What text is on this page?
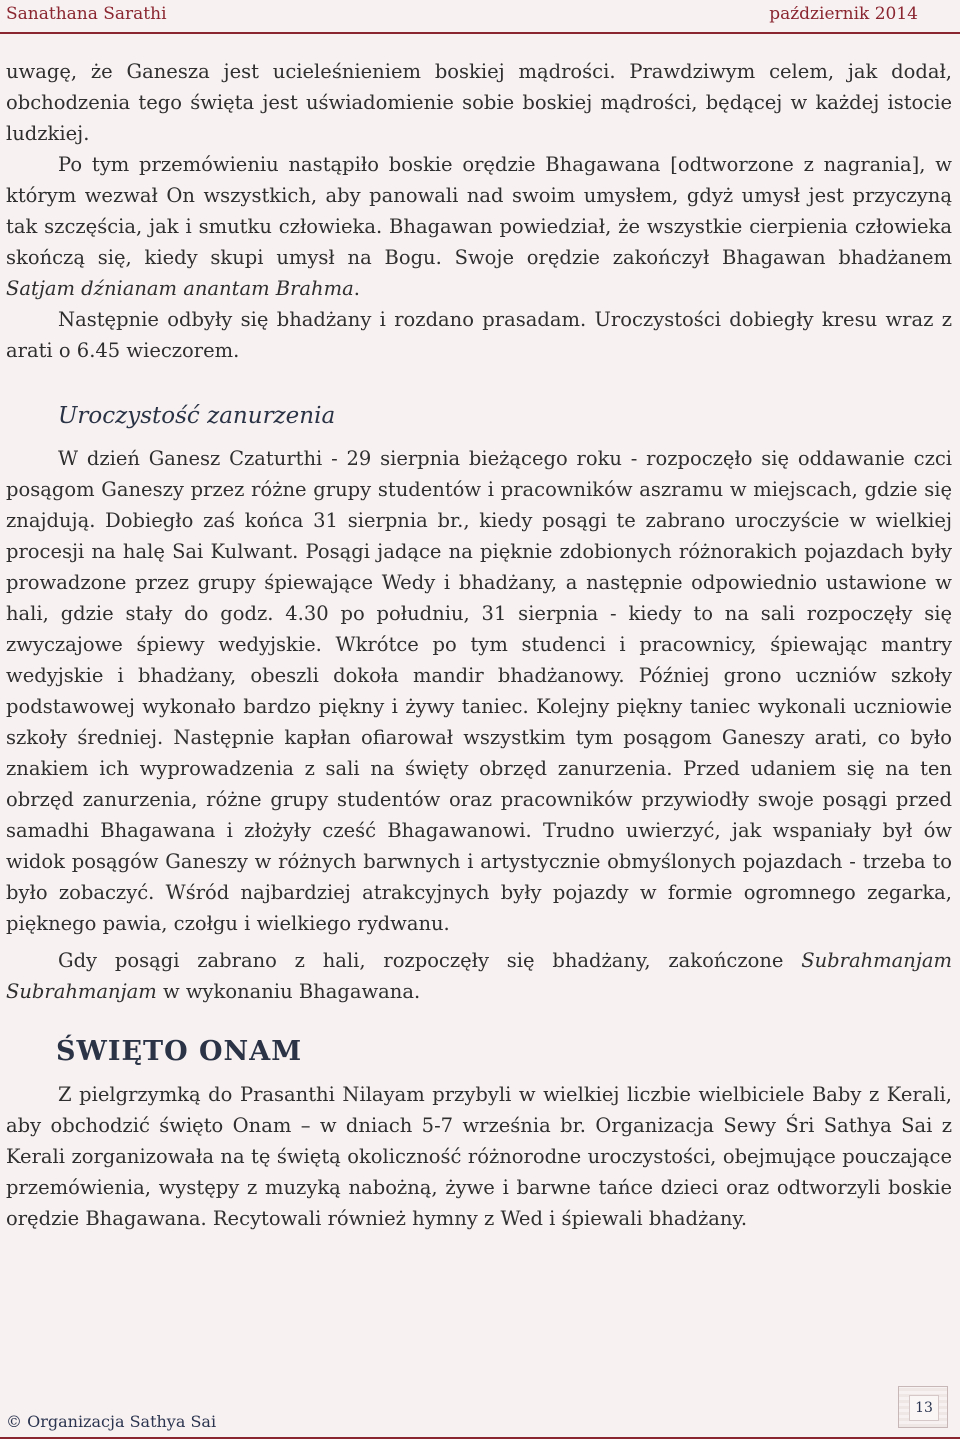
Sanathana Sarathi	październik 2014

uwagę, że Ganesza jest ucieleśnieniem boskiej mądrości. Prawdziwym celem, jak dodał, obchodzenia tego święta jest uświadomienie sobie boskiej mądrości, będącej w każdej istocie ludzkiej.

Po tym przemówieniu nastąpiło boskie orędzie Bhagawana [odtworzone z nagrania], w którym wezwał On wszystkich, aby panowali nad swoim umysłem, gdyż umysł jest przyczyną tak szczęścia, jak i smutku człowieka. Bhagawan powiedział, że wszystkie cierpienia człowieka skończą się, kiedy skupi umysł na Bogu. Swoje orędzie zakończył Bhagawan bhadżanem Satjam dźnianam anantam Brahma.

Następnie odbyły się bhadżany i rozdano prasadam. Uroczystości dobiegły kresu wraz z arati o 6.45 wieczorem.

Uroczystość zanurzenia

W dzień Ganesz Czaturthi - 29 sierpnia bieżącego roku - rozpoczęło się oddawanie czci posągom Ganeszy przez różne grupy studentów i pracowników aszramu w miejscach, gdzie się znajdują. Dobiegło zaś końca 31 sierpnia br., kiedy posągi te zabrano uroczyście w wielkiej procesji na halę Sai Kulwant. Posągi jadące na pięknie zdobionych różnorakich pojazdach były prowadzone przez grupy śpiewające Wedy i bhadżany, a następnie odpowiednio ustawione w hali, gdzie stały do godz. 4.30 po południu, 31 sierpnia - kiedy to na sali rozpoczęły się zwyczajowe śpiewy wedyjskie. Wkrótce po tym studenci i pracownicy, śpiewając mantry wedyjskie i bhadżany, obeszli dokoła mandir bhadżanowy. Później grono uczniów szkoły podstawowej wykonało bardzo piękny i żywy taniec. Kolejny piękny taniec wykonali uczniowie szkoły średniej. Następnie kapłan ofiarował wszystkim tym posągom Ganeszy arati, co było znakiem ich wyprowadzenia z sali na święty obrzęd zanurzenia. Przed udaniem się na ten obrzęd zanurzenia, różne grupy studentów oraz pracowników przywiodły swoje posągi przed samadhi Bhagawana i złożyły cześć Bhagawanowi. Trudno uwierzyć, jak wspaniały był ów widok posągów Ganeszy w różnych barwnych i artystycznie obmyślonych pojazdach - trzeba to było zobaczyć. Wśród najbardziej atrakcyjnych były pojazdy w formie ogromnego zegarka, pięknego pawia, czołgu i wielkiego rydwanu.

Gdy posągi zabrano z hali, rozpoczęły się bhadżany, zakończone Subrahmanjam Subrahmanjam w wykonaniu Bhagawana.

ŚWIĘTO ONAM

Z pielgrzymką do Prasanthi Nilayam przybyli w wielkiej liczbie wielbiciele Baby z Kerali, aby obchodzić święto Onam – w dniach 5-7 września br. Organizacja Sewy Śri Sathya Sai z Kerali zorganizowała na tę świętą okoliczność różnorodne uroczystości, obejmujące pouczające przemówienia, występy z muzyką nabożną, żywe i barwne tańce dzieci oraz odtworzyli boskie orędzie Bhagawana. Recytowali również hymny z Wed i śpiewali bhadżany.

© Organizacja Sathya Sai
13
